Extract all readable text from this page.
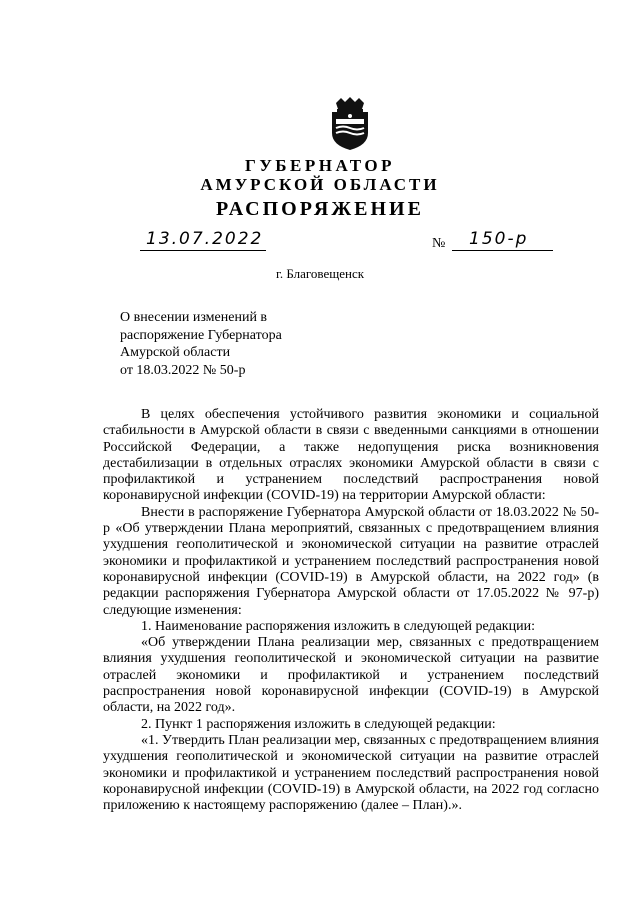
ГУБЕРНАТОР
АМУРСКОЙ ОБЛАСТИ
РАСПОРЯЖЕНИЕ
13.07.2022	№ 150-р
г. Благовещенск
О внесении изменений в
распоряжение Губернатора
Амурской области
от 18.03.2022 № 50-р

В целях обеспечения устойчивого развития экономики и социальной стабильности в Амурской области в связи с введенными санкциями в отношении Российской Федерации, а также недопущения риска возникновения дестабилизации в отдельных отраслях экономики Амурской области в связи с профилактикой и устранением последствий распространения новой коронавирусной инфекции (COVID-19) на территории Амурской области:

Внести в распоряжение Губернатора Амурской области от 18.03.2022 № 50-р «Об утверждении Плана мероприятий, связанных с предотвращением влияния ухудшения геополитической и экономической ситуации на развитие отраслей экономики и профилактикой и устранением последствий распространения новой коронавирусной инфекции (COVID-19) в Амурской области, на 2022 год» (в редакции распоряжения Губернатора Амурской области от 17.05.2022 № 97-р) следующие изменения:

1. Наименование распоряжения изложить в следующей редакции:

«Об утверждении Плана реализации мер, связанных с предотвращением влияния ухудшения геополитической и экономической ситуации на развитие отраслей экономики и профилактикой и устранением последствий распространения новой коронавирусной инфекции (COVID-19) в Амурской области, на 2022 год».

2. Пункт 1 распоряжения изложить в следующей редакции:

«1. Утвердить План реализации мер, связанных с предотвращением влияния ухудшения геополитической и экономической ситуации на развитие отраслей экономики и профилактикой и устранением последствий распространения новой коронавирусной инфекции (COVID-19) в Амурской области, на 2022 год согласно приложению к настоящему распоряжению (далее – План).».
